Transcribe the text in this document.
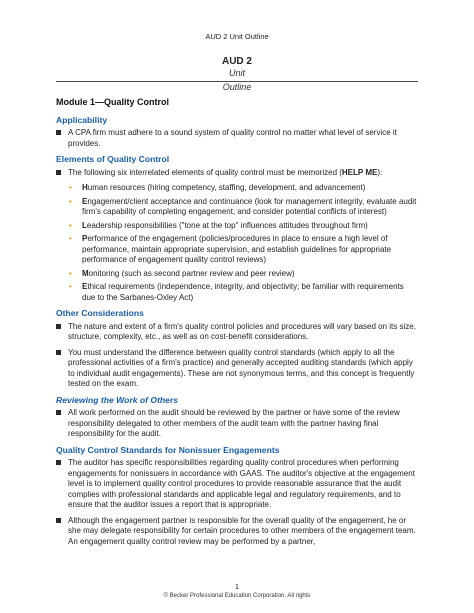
AUD 2 Unit Outline
AUD 2
Unit
Outline
Module 1—Quality Control
Applicability
A CPA firm must adhere to a sound system of quality control no matter what level of service it provides.
Elements of Quality Control
The following six interrelated elements of quality control must be memorized (HELP ME):
• Human resources (hiring competency, staffing, development, and advancement)
• Engagement/client acceptance and continuance (look for management integrity, evaluate audit firm's capability of completing engagement, and consider potential conflicts of interest)
• Leadership responsibilities ("tone at the top" influences attitudes throughout firm)
• Performance of the engagement (policies/procedures in place to ensure a high level of performance, maintain appropriate supervision, and establish guidelines for appropriate performance of engagement quality control reviews)
• Monitoring (such as second partner review and peer review)
• Ethical requirements (independence, integrity, and objectivity; be familiar with requirements due to the Sarbanes-Oxley Act)
Other Considerations
The nature and extent of a firm's quality control policies and procedures will vary based on its size, structure, complexity, etc., as well as on cost-benefit considerations.
You must understand the difference between quality control standards (which apply to all the professional activities of a firm's practice) and generally accepted auditing standards (which apply to individual audit engagements). These are not synonymous terms, and this concept is frequently tested on the exam.
Reviewing the Work of Others
All work performed on the audit should be reviewed by the partner or have some of the review responsibility delegated to other members of the audit team with the partner having final responsibility for the audit.
Quality Control Standards for Nonissuer Engagements
The auditor has specific responsibilities regarding quality control procedures when performing engagements for nonissuers in accordance with GAAS. The auditor's objective at the engagement level is to implement quality control procedures to provide reasonable assurance that the audit complies with professional standards and applicable legal and regulatory requirements, and to ensure that the auditor issues a report that is appropriate.
Although the engagement partner is responsible for the overall quality of the engagement, he or she may delegate responsibility for certain procedures to other members of the engagement team. An engagement quality control review may be performed by a partner,
1
© Becker Professional Education Corporation. All rights
